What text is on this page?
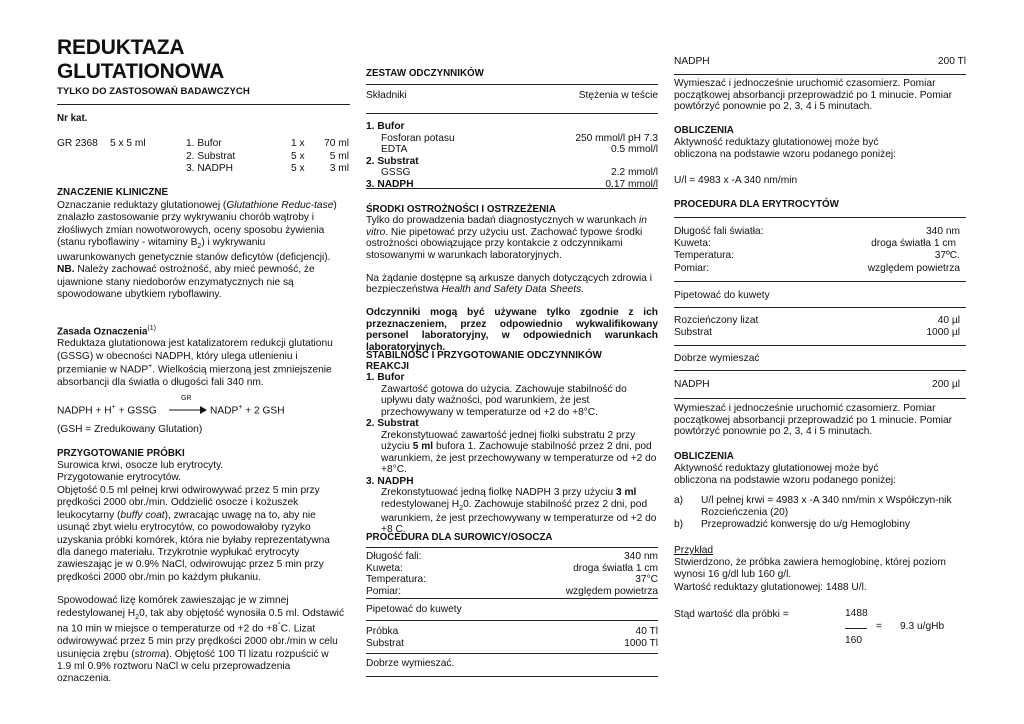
REDUKTAZA
GLUTATIONOWA
TYLKO DO ZASTOSOWAŃ BADAWCZYCH
Nr kat.
GR 2368 5 x 5 ml	1. Bufor	1 x 70 ml
2. Substrat	5 x 5 ml
3. NADPH	5 x 3 ml
ZNACZENIE KLINICZNE

Oznaczanie reduktazy glutationowej (Glutathione Reduc-tase) znalazło zastosowanie przy wykrywaniu chorób wątroby i złośliwych zmian nowotworowych, oceny sposobu żywienia (stanu ryboflawiny - witaminy $B_2$) i wykrywaniu uwarunkowanych genetycznie stanów deficytów (deficjencji).

NB. Należy zachować ostrożność, aby mieć pewność, że ujawnione stany niedoborów enzymatycznych nie są spowodowane ubytkiem ryboflawiny.

Zasada Oznaczenia$^{(1)}$

Reduktaza glutationowa jest katalizatorem redukcji glutationu (GSSG) w obecności NADPH, który ulega utlenieniu i przemianie w NADP+. Wielkością mierzoną jest zmniejszenie absorbancji dla światła o długości fali 340 nm.

NADPH + H+ + GSSG
GR
→ NADP+ + 2 GSH
(GSH = Zredukowany Glutation)
PRZYGOTOWANIE PRÓBKI

Surowica krwi, osocze lub erytrocyty.

Przygotowanie erytrocytów.

Objętość 0.5 ml pełnej krwi odwirowywać przez 5 min przy prędkości 2000 obr./min. Oddzielić osocze i kożuszek leukocytarny (buffy coat), zwracając uwagę na to, aby nie usunąć zbyt wielu erytrocytów, co powodowałoby ryzyko uzyskania próbki komórek, która nie byłaby reprezentatywna dla danego materiału. Trzykrotnie wypłukać erytrocyty zawieszając je w 0.9% NaCl, odwirowując przez 5 min przy prędkości 2000 obr./min po każdym płukaniu.

Spowodować lizę komórek zawieszając je w zimnej redestylowanej $H_20$, tak aby objętość wynosiła 0.5 ml. Odstawić na 10 min w miejsce o temperaturze od +2 do +8°C. Lizat odwirowywać przez 5 min przy prędkości 2000 obr./min w celu usunięcia zrębu (stroma). Objętość 100 Tl lizatu rozpuścić w 1.9 ml 0.9% roztworu NaCl w celu przeprowadzenia oznaczenia.

ZESTAW ODCZYNNIKÓW
Składniki	Stężenia w teście
1. Bufor
Fosforan potasu	250 mmol/l pH 7.3
EDTA	0.5 mmol/l
2. Substrat
GSSG	2.2 mmol/l
3. NADPH	0.17 mmol/l
ŚRODKI OSTROŻNOŚCI I OSTRZEŻENIA

Tylko do prowadzenia badań diagnostycznych w warunkach in vitro. Nie pipetować przy użyciu ust. Zachować typowe środki ostrożności obowiązujące przy kontakcie z odczynnikami stosowanymi w warunkach laboratoryjnych.

Na żądanie dostępne są arkusze danych dotyczących zdrowia i bezpieczeństwa Health and Safety Data Sheets.

Odczynniki mogą być używane tylko zgodnie z ich przeznaczeniem, przez odpowiednio wykwalifikowany personel laboratoryjny, w odpowiednich warunkach laboratoryjnych.

STABILNOŚĆ I PRZYGOTOWANIE ODCZYNNIKÓW REAKCJI
1. Bufor

Zawartość gotowa do użycia. Zachowuje stabilność do upływu daty ważności, pod warunkiem, że jest przechowywany w temperaturze od +2 do +8°C.

2. Substrat

Zrekonstytuować zawartość jednej fiolki substratu 2 przy użyciu 5 ml bufora 1. Zachowuje stabilność przez 2 dni, pod warunkiem, że jest przechowywany w temperaturze od +2 do +8°C.

3. NADPH

Zrekonstytuować jedną fiolkę NADPH 3 przy użyciu 3 ml redestylowanej $H_20$. Zachowuje stabilność przez 2 dni, pod warunkiem, że jest przechowywany w temperaturze od +2 do +8 C.

PROCEDURA DLA SUROWICY/OSOCZA
Długość fali:	340 nm
Kuweta:	droga światła 1 cm
Temperatura:	37°C
Pomiar:	względem powietrza
Pipetować do kuwety
Próbka	40 Tl
Substrat	1000 Tl
Dobrze wymieszać.
NADPH	200 Tl

Wymieszać i jednocześnie uruchomić czasomierz. Pomiar początkowej absorbancji przeprowadzić po 1 minucie. Pomiar powtórzyć ponownie po 2, 3, 4 i 5 minutach.

OBLICZENIA

Aktywność reduktazy glutationowej może być obliczona na podstawie wzoru podanego poniżej:

U/l = 4983 x -A 340 nm/min
PROCEDURA DLA ERYTROCYTÓW
Długość fali światła:	340 nm
Kuweta:	droga światła 1 cm
Temperatura:	37ºC.
Pomiar:	względem powietrza
Pipetować do kuwety
Rozcieńczony lizat	40 µl
Substrat	1000 µl
Dobrze wymieszać
NADPH	200 µl

Wymieszać i jednocześnie uruchomić czasomierz. Pomiar początkowej absorbancji przeprowadzić po 1 minucie. Pomiar powtórzyć ponownie po 2, 3, 4 i 5 minutach.

OBLICZENIA

Aktywność reduktazy glutationowej może być obliczona na podstawie wzoru podanego poniżej:

a)	U/l pełnej krwi = 4983 x -A 340 nm/min x Współczyn-nik Rozcieńczenia (20)
b)	Przeprowadzić konwersję do u/g Hemoglobiny
Przykład

Stwierdzono, że próbka zawiera hemoglobinę, której poziom wynosi 16 g/dl lub 160 g/l.

Wartość reduktazy glutationowej: 1488 U/l.

Stąd wartość dla próbki =	1488
160
= 9.3 u/gHb
